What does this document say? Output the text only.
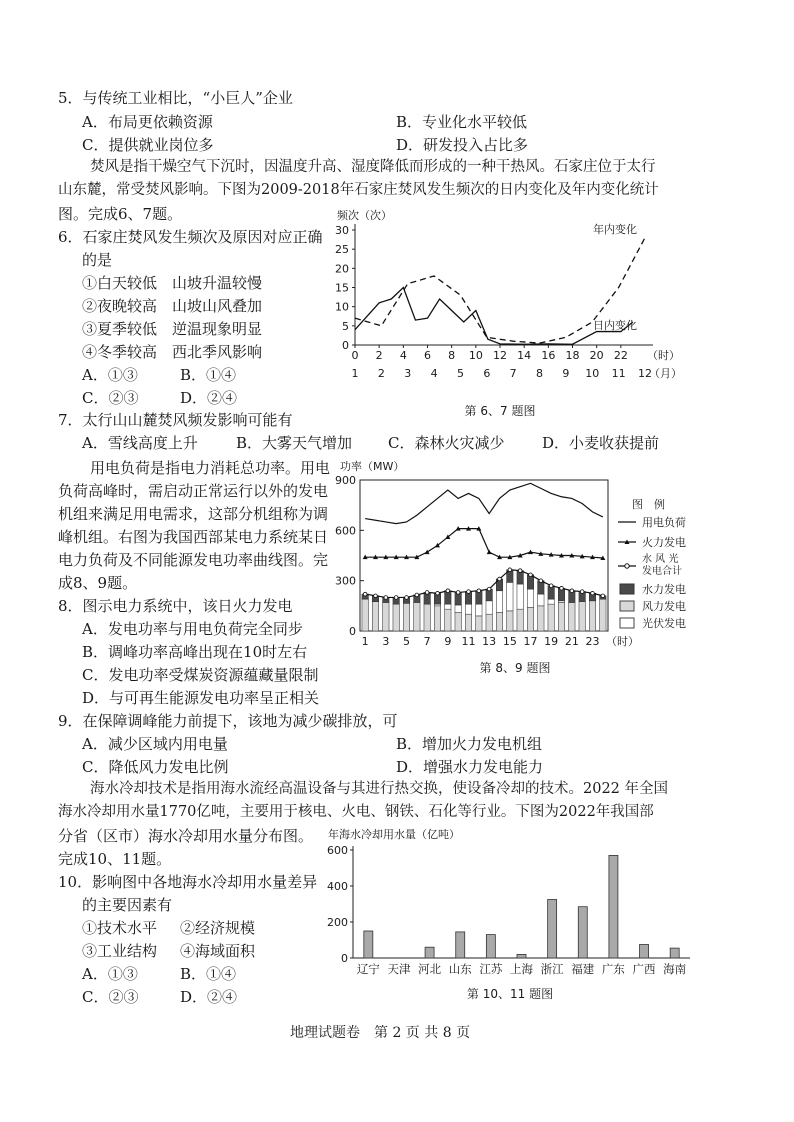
5．与传统工业相比，“小巨人”企业
A．布局更依赖资源	B．专业化水平较低
C．提供就业岗位多	D．研发投入占比多
焚风是指干燥空气下沉时，因温度升高、湿度降低而形成的一种干热风。石家庄位于太行
山东麓，常受焚风影响。下图为2009-2018年石家庄焚风发生频次的日内变化及年内变化统计
图。完成6、7题。
6．石家庄焚风发生频次及原因对应正确
的是
①白天较低　山坡升温较慢
②夜晚较高　山坡山风叠加
③夏季较低　逆温现象明显
④冬季较高　西北季风影响
A．①③	B．①④
C．②③	D．②④
频次（次）
0
5
10
15
20
25
30
0 2 4 6 8 10 12 14 16 18 20 22 （时）
1 2 3 4 5 6 7 8 9 10 11 12
（月）
年内变化
日内变化
第 6、7 题图
7．太行山山麓焚风频发影响可能有
A．雪线高度上升	B．大雾天气增加 C．森林火灾减少	D．小麦收获提前
用电负荷是指电力消耗总功率。用电
负荷高峰时，需启动正常运行以外的发电
机组来满足用电需求，这部分机组称为调
峰机组。右图为我国西部某电力系统某日
电力负荷及不同能源发电功率曲线图。完
成8、9题。
功率（MW）
0
300
600
900
1 3 5 7 9 11 13 15 17 19 21 23 （时）
图　例
用电负荷
火力发电
水 风 光
发电合计
水力发电
风力发电
光伏发电
第 8、9 题图
8．图示电力系统中，该日火力发电
A．发电功率与用电负荷完全同步
B．调峰功率高峰出现在10时左右
C．发电功率受煤炭资源蕴藏量限制
D．与可再生能源发电功率呈正相关
9．在保障调峰能力前提下，该地为减少碳排放，可
A．减少区域内用电量	B．增加火力发电机组
C．降低风力发电比例	D．增强水力发电能力
海水冷却技术是指用海水流经高温设备与其进行热交换，使设备冷却的技术。2022 年全国
海水冷却用水量1770亿吨，主要用于核电、火电、钢铁、石化等行业。下图为2022年我国部
分省（区市）海水冷却用水量分布图。
完成10、11题。
10．影响图中各地海水冷却用水量差异
的主要因素有
①技术水平 ②经济规模
③工业结构 ④海域面积
A．①③	B．①④
C．②③	D．②④
年海水冷却用水量（亿吨）
0
200
400
600
辽宁 天津 河北 山东 江苏 上海 浙江 福建 广东 广西 海南
第 10、11 题图
地理试题卷　第 2 页 共 8 页
